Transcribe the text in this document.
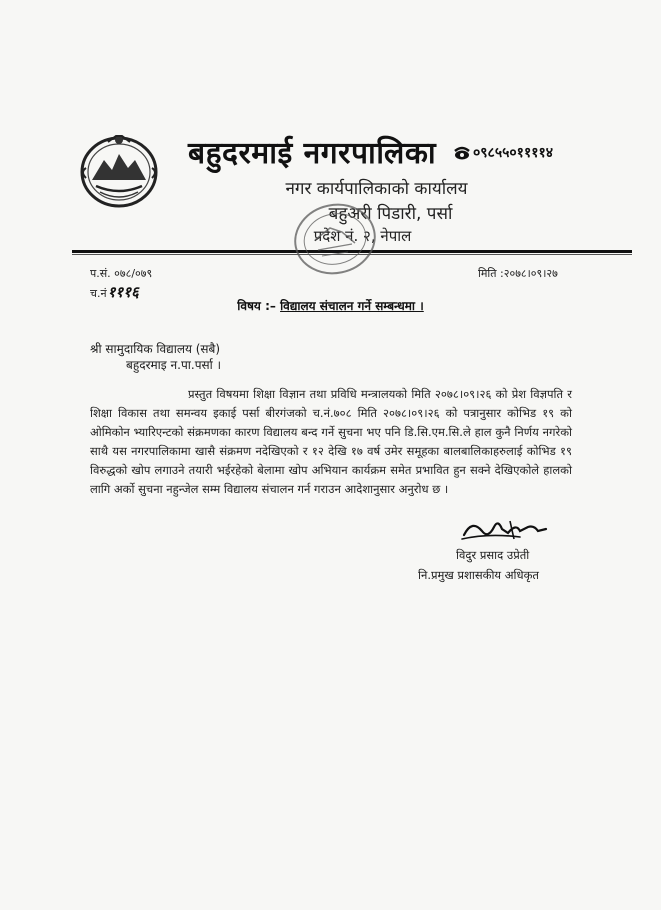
बहुदरमाई नगरपालिका	०९८५५०११११४
नगर कार्यपालिकाको कार्यालय
बहुअरी पिडारी, पर्सा
प्रदेश नं. २, नेपाल
प.सं. ०७८/०७९
च.नं १११६
मिति :२०७८।०९।२७
विषय :– विद्यालय संचालन गर्ने सम्बन्धमा ।
श्री सामुदायिक विद्यालय (सबै)
बहुदरमाइ न.पा.पर्सा ।

प्रस्तुत विषयमा शिक्षा विज्ञान तथा प्रविधि मन्त्रालयको मिति २०७८।०९।२६ को प्रेश विज्ञपति र शिक्षा विकास तथा समन्वय इकाई पर्सा बीरगंजको च.नं.७०८ मिति २०७८।०९।२६ को पत्रानुसार कोभिड १९ को ओमिकोन भ्यारिएन्टको संक्रमणका कारण विद्यालय बन्द गर्ने सुचना भए पनि डि.सि.एम.सि.ले हाल कुनै निर्णय नगरेको साथै यस नगरपालिकामा खासै संक्रमण नदेखिएको र १२ देखि १७ वर्ष उमेर समूहका बालबालिकाहरुलाई कोभिड १९ विरुद्धको खोप लगाउने तयारी भईरहेको बेलामा खोप अभियान कार्यक्रम समेत प्रभावित हुन सक्ने देखिएकोले हालको लागि अर्को सुचना नहुन्जेल सम्म विद्यालय संचालन गर्न गराउन आदेशानुसार अनुरोध छ ।

विदुर प्रसाद उप्रेती
नि.प्रमुख प्रशासकीय अधिकृत
